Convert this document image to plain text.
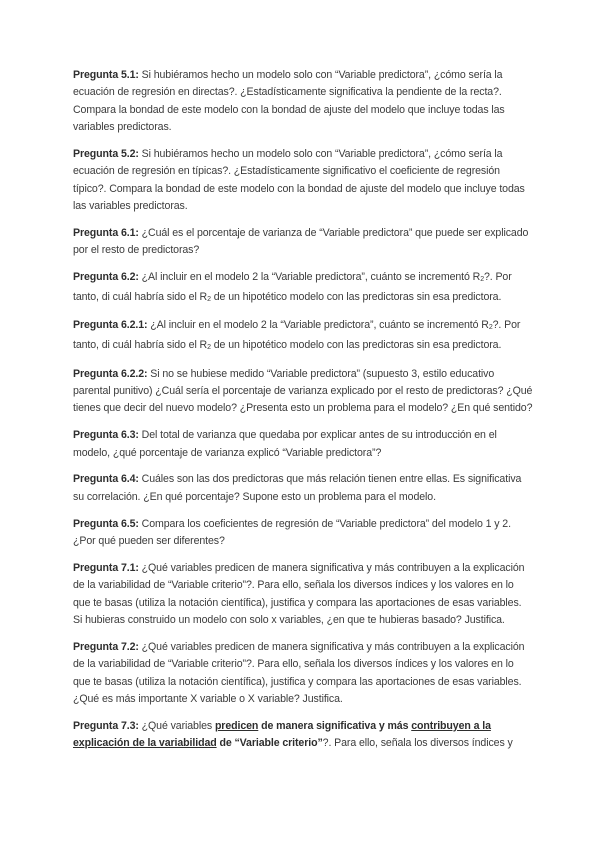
Pregunta 5.1: Si hubiéramos hecho un modelo solo con “Variable predictora”, ¿cómo sería la ecuación de regresión en directas?. ¿Estadísticamente significativa la pendiente de la recta?. Compara la bondad de este modelo con la bondad de ajuste del modelo que incluye todas las variables predictoras.

Pregunta 5.2: Si hubiéramos hecho un modelo solo con “Variable predictora”, ¿cómo sería la ecuación de regresión en típicas?. ¿Estadísticamente significativo el coeficiente de regresión típico?. Compara la bondad de este modelo con la bondad de ajuste del modelo que incluye todas las variables predictoras.

Pregunta 6.1: ¿Cuál es el porcentaje de varianza de “Variable predictora” que puede ser explicado por el resto de predictoras?

Pregunta 6.2: ¿Al incluir en el modelo 2 la “Variable predictora”, cuánto se incrementó $R_2$?. Por tanto, di cuál habría sido el $R_2$ de un hipotético modelo con las predictoras sin esa predictora.

Pregunta 6.2.1: ¿Al incluir en el modelo 2 la “Variable predictora”, cuánto se incrementó $R_2$?. Por tanto, di cuál habría sido el $R_2$ de un hipotético modelo con las predictoras sin esa predictora.

Pregunta 6.2.2: Si no se hubiese medido “Variable predictora” (supuesto 3, estilo educativo parental punitivo) ¿Cuál sería el porcentaje de varianza explicado por el resto de predictoras? ¿Qué tienes que decir del nuevo modelo? ¿Presenta esto un problema para el modelo? ¿En qué sentido?

Pregunta 6.3: Del total de varianza que quedaba por explicar antes de su introducción en el modelo, ¿qué porcentaje de varianza explicó “Variable predictora”?

Pregunta 6.4: Cuáles son las dos predictoras que más relación tienen entre ellas. Es significativa su correlación. ¿En qué porcentaje? Supone esto un problema para el modelo.

Pregunta 6.5: Compara los coeficientes de regresión de “Variable predictora” del modelo 1 y 2. ¿Por qué pueden ser diferentes?

Pregunta 7.1: ¿Qué variables predicen de manera significativa y más contribuyen a la explicación de la variabilidad de “Variable criterio”?. Para ello, señala los diversos índices y los valores en lo que te basas (utiliza la notación científica), justifica y compara las aportaciones de esas variables. Si hubieras construido un modelo con solo x variables, ¿en que te hubieras basado? Justifica.

Pregunta 7.2: ¿Qué variables predicen de manera significativa y más contribuyen a la explicación de la variabilidad de “Variable criterio”?. Para ello, señala los diversos índices y los valores en lo que te basas (utiliza la notación científica), justifica y compara las aportaciones de esas variables. ¿Qué es más importante X variable o X variable? Justifica.

Pregunta 7.3: ¿Qué variables predicen de manera significativa y más contribuyen a la explicación de la variabilidad de “Variable criterio”?. Para ello, señala los diversos índices y
